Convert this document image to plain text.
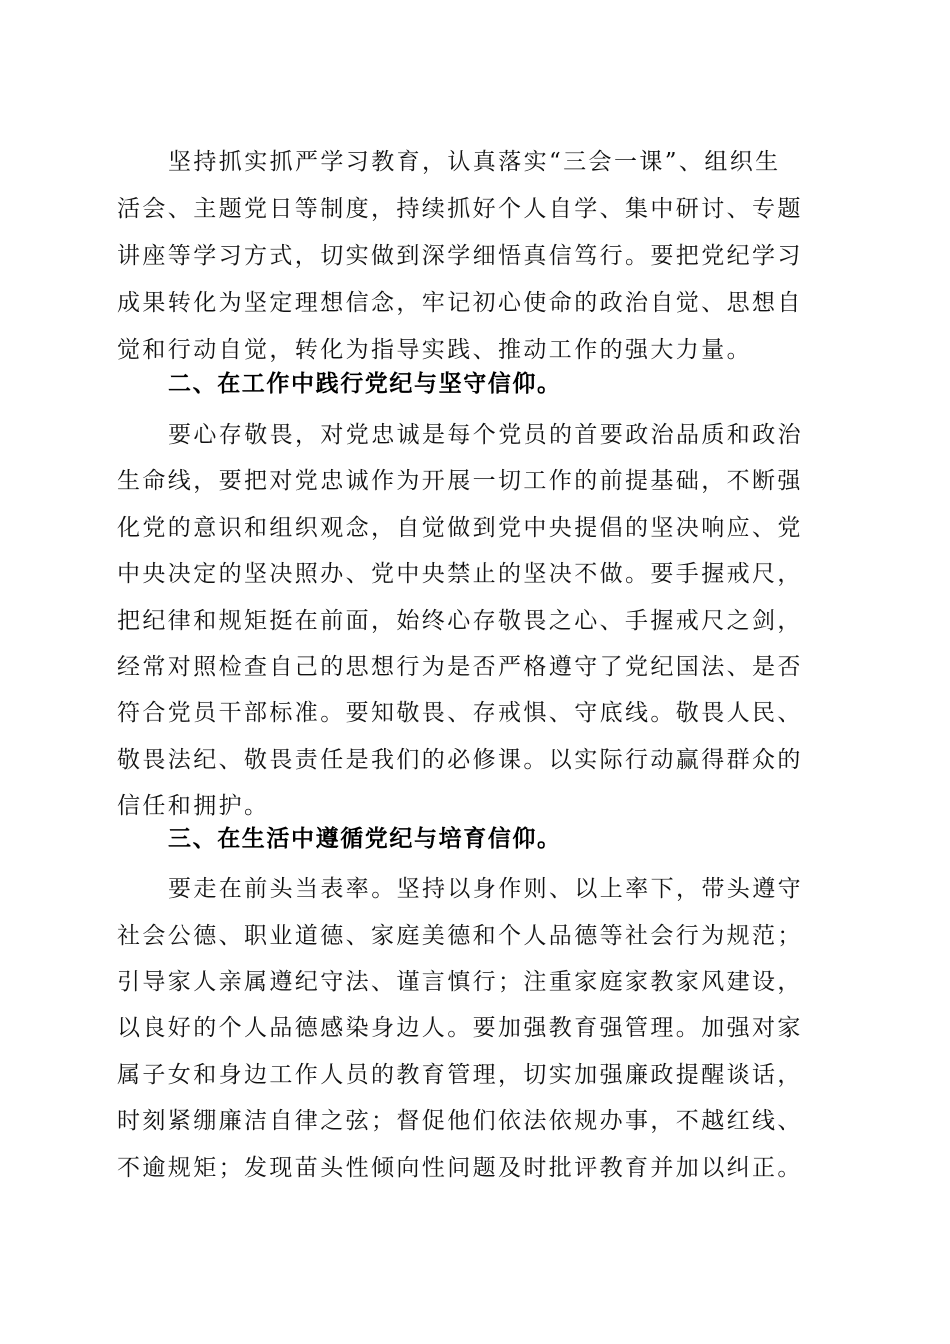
坚持抓实抓严学习教育，认真落实“三会一课”、组织生
活会、主题党日等制度，持续抓好个人自学、集中研讨、专题
讲座等学习方式，切实做到深学细悟真信笃行。要把党纪学习
成果转化为坚定理想信念，牢记初心使命的政治自觉、思想自
觉和行动自觉，转化为指导实践、推动工作的强大力量。
二、在工作中践行党纪与坚守信仰。
要心存敬畏，对党忠诚是每个党员的首要政治品质和政治
生命线，要把对党忠诚作为开展一切工作的前提基础，不断强
化党的意识和组织观念，自觉做到党中央提倡的坚决响应、党
中央决定的坚决照办、党中央禁止的坚决不做。要手握戒尺，
把纪律和规矩挺在前面，始终心存敬畏之心、手握戒尺之剑，
经常对照检查自己的思想行为是否严格遵守了党纪国法、是否
符合党员干部标准。要知敬畏、存戒惧、守底线。敬畏人民、
敬畏法纪、敬畏责任是我们的必修课。以实际行动赢得群众的
信任和拥护。
三、在生活中遵循党纪与培育信仰。
要走在前头当表率。坚持以身作则、以上率下，带头遵守
社会公德、职业道德、家庭美德和个人品德等社会行为规范；
引导家人亲属遵纪守法、谨言慎行；注重家庭家教家风建设，
以良好的个人品德感染身边人。要加强教育强管理。加强对家
属子女和身边工作人员的教育管理，切实加强廉政提醒谈话，
时刻紧绷廉洁自律之弦；督促他们依法依规办事，不越红线、
不逾规矩；发现苗头性倾向性问题及时批评教育并加以纠正。
